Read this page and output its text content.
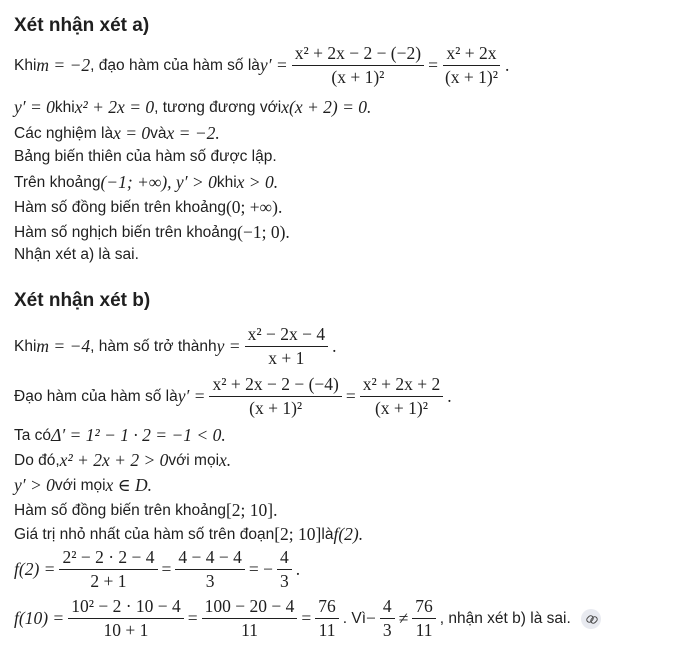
Xét nhận xét a)
Khi m = −2 , đạo hàm của hàm số là $y' = \frac{\text{x² + 2x − 2 − (−2)}}{\text{(x + 1)²}} = \frac{\text{x² + 2x}}{\text{(x + 1)²}}$ .
y′ = 0 khi x² + 2x = 0 , tương đương với x(x + 2) = 0.
Các nghiệm là x = 0 và x = −2.
Bảng biến thiên của hàm số được lập.
Trên khoảng (−1; +∞), y′ > 0 khi x > 0.
Hàm số đồng biến trên khoảng (0; +∞).
Hàm số nghịch biến trên khoảng (−1; 0).
Nhận xét a) là sai.
Xét nhận xét b)
Khi m = −4 , hàm số trở thành $y = \frac{\text{x² − 2x − 4}}{x + 1}$ .
Đạo hàm của hàm số là $y' = \frac{\text{x² + 2x − 2 − (−4)}}{\text{(x + 1)²}} = \frac{\text{x² + 2x + 2}}{\text{(x + 1)²}}$ .
Ta có Δ′ = 1² − 1 · 2 = −1 < 0.
Do đó, x² + 2x + 2 > 0 với mọi x.
y′ > 0 với mọi x ∈ D.
Hàm số đồng biến trên khoảng [2; 10].
Giá trị nhỏ nhất của hàm số trên đoạn [2; 10] là f(2).
$f(2) = \frac{\text{2² − 2 · 2 − 4}}{2 + 1} = \frac{4 - 4 - 4}{3}$ = − $\frac{4}{3}$ .
$f(10) = \frac{\text{10² − 2 · 10 − 4}}{10 + 1} = \frac{100 - 20 - 4}{11} = \frac{76}{11}$ . Vì − $\frac{4}{3} \ne \frac{76}{11}$ , nhận xét b) là sai.
